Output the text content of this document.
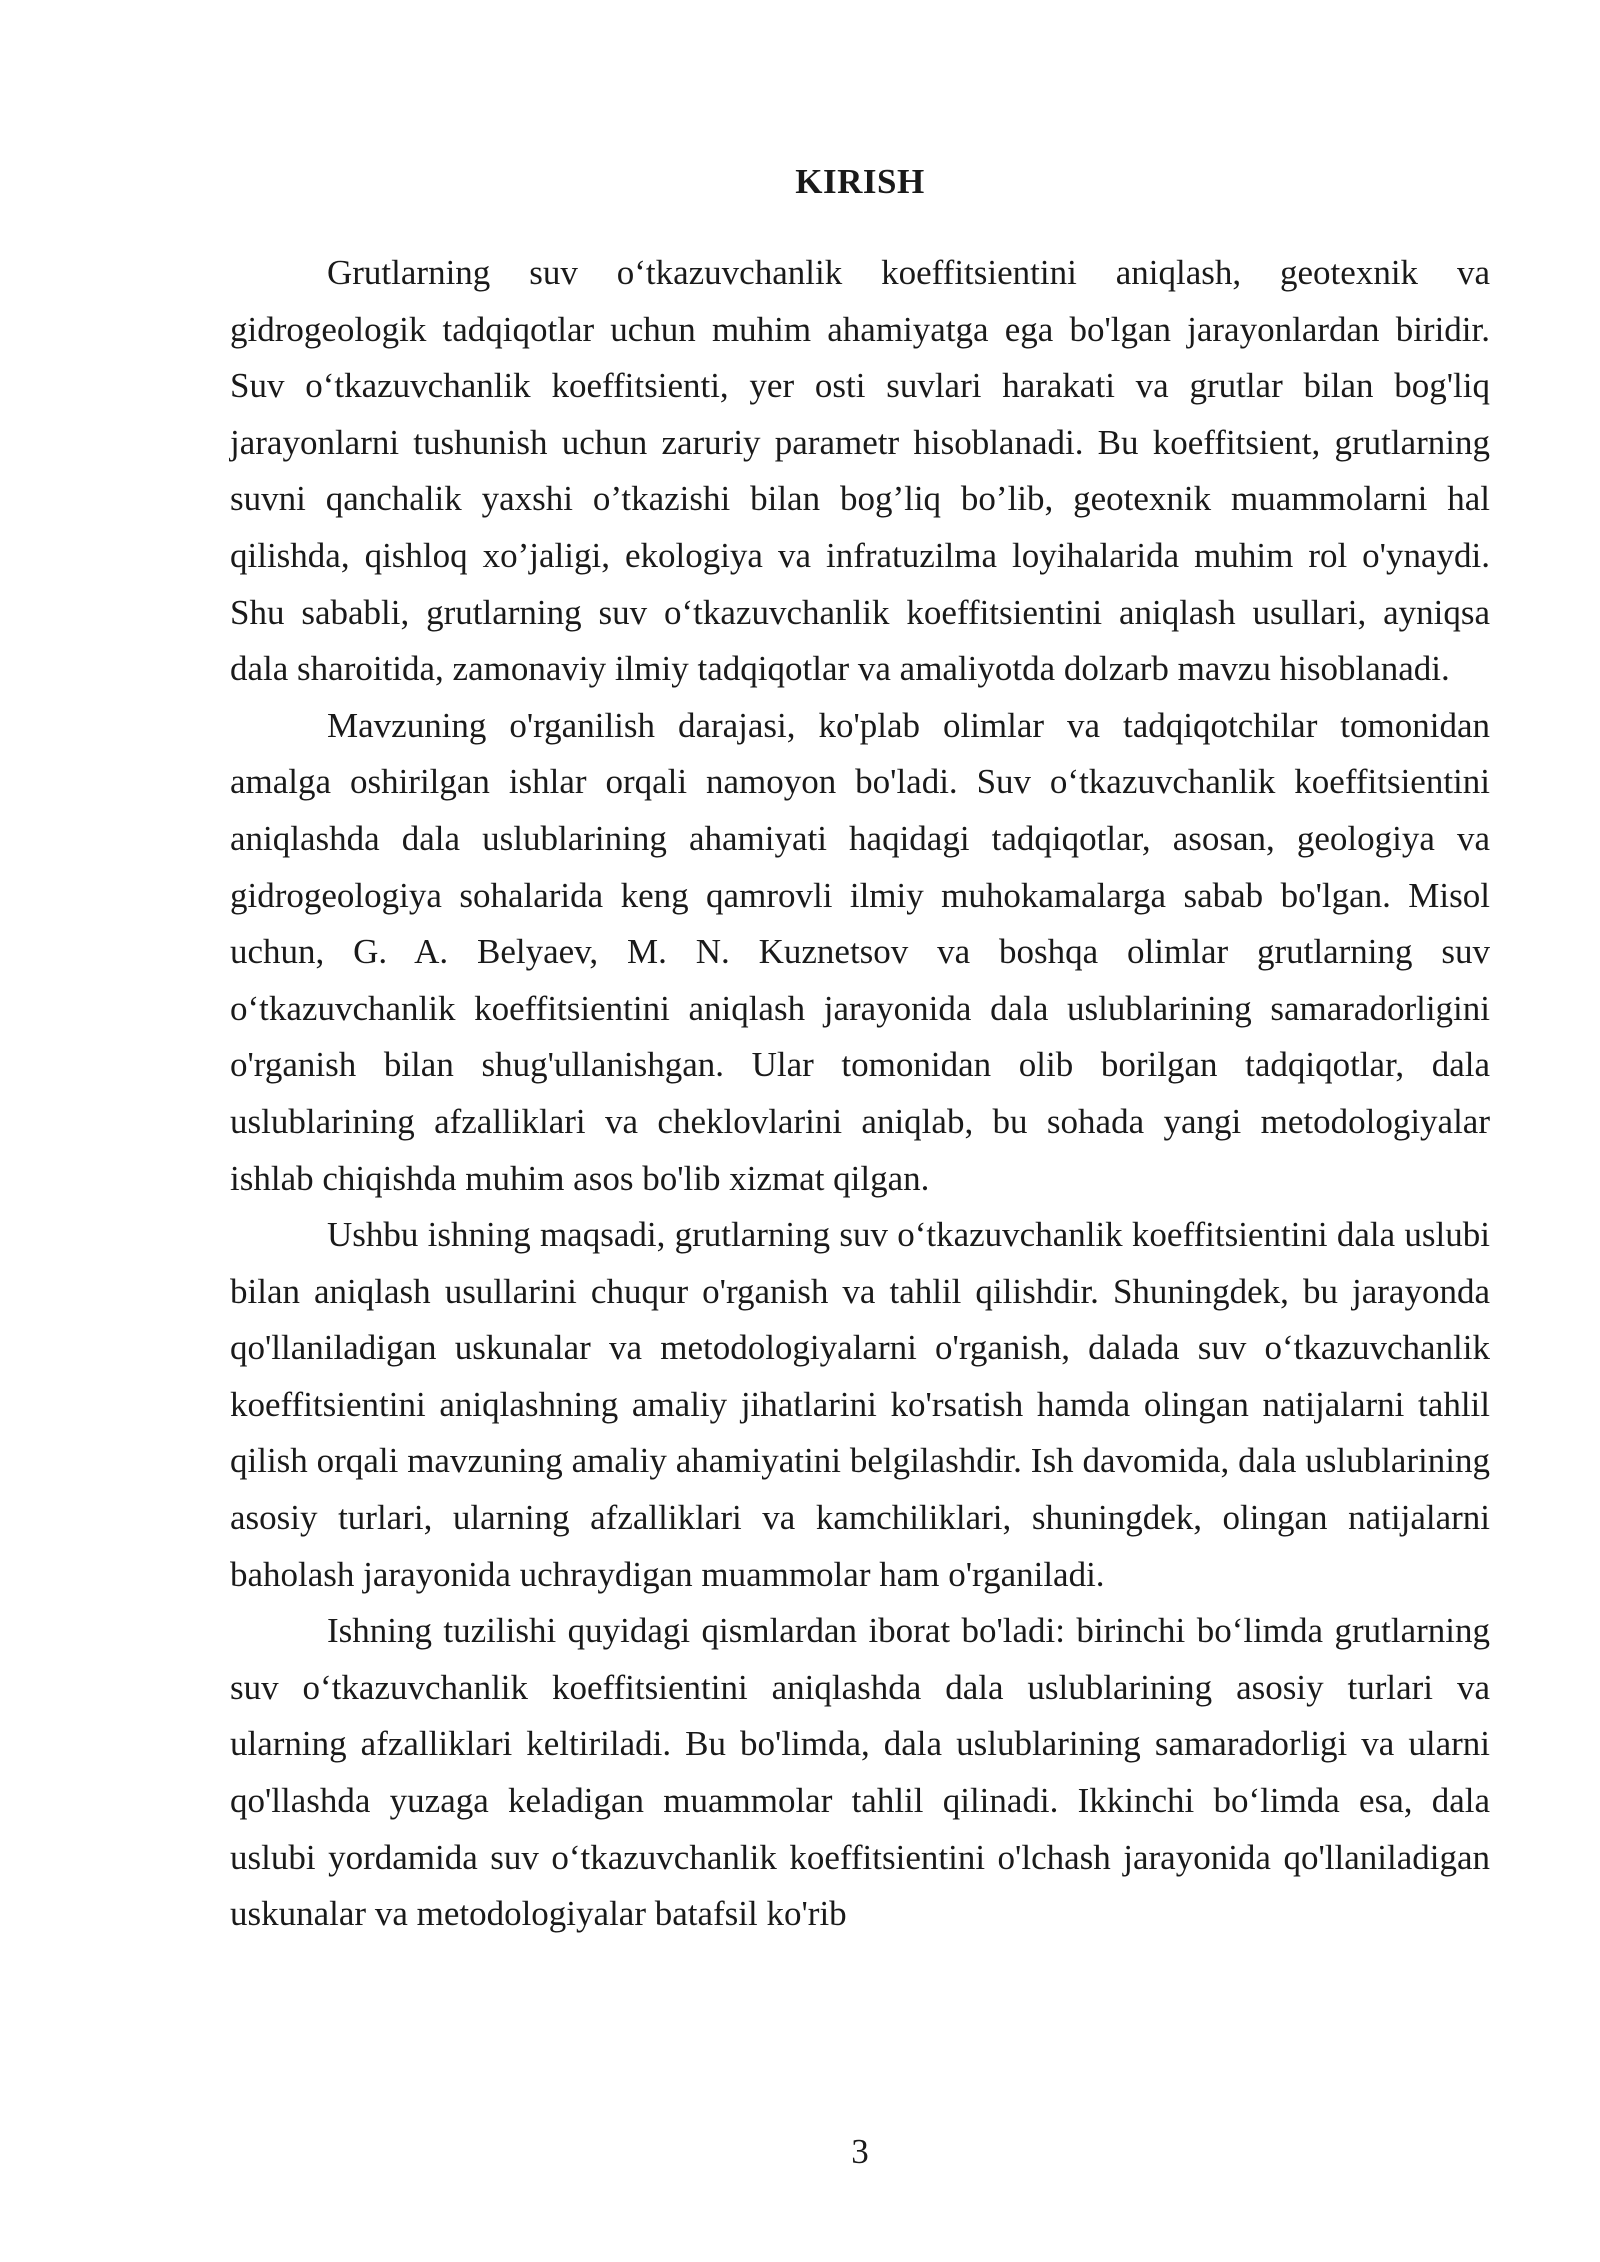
KIRISH

Grutlarning suv o‘tkazuvchanlik koeffitsientini aniqlash, geotexnik va gidrogeologik tadqiqotlar uchun muhim ahamiyatga ega bo'lgan jarayonlardan biridir. Suv o‘tkazuvchanlik koeffitsienti, yer osti suvlari harakati va grutlar bilan bog'liq jarayonlarni tushunish uchun zaruriy parametr hisoblanadi. Bu koeffitsient, grutlarning suvni qanchalik yaxshi o’tkazishi bilan bog’liq bo’lib, geotexnik muammolarni hal qilishda, qishloq xo’jaligi, ekologiya va infratuzilma loyihalarida muhim rol o'ynaydi. Shu sababli, grutlarning suv o‘tkazuvchanlik koeffitsientini aniqlash usullari, ayniqsa dala sharoitida, zamonaviy ilmiy tadqiqotlar va amaliyotda dolzarb mavzu hisoblanadi.

Mavzuning o'rganilish darajasi, ko'plab olimlar va tadqiqotchilar tomonidan amalga oshirilgan ishlar orqali namoyon bo'ladi. Suv o‘tkazuvchanlik koeffitsientini aniqlashda dala uslublarining ahamiyati haqidagi tadqiqotlar, asosan, geologiya va gidrogeologiya sohalarida keng qamrovli ilmiy muhokamalarga sabab bo'lgan. Misol uchun, G. A. Belyaev, M. N. Kuznetsov va boshqa olimlar grutlarning suv o‘tkazuvchanlik koeffitsientini aniqlash jarayonida dala uslublarining samaradorligini o'rganish bilan shug'ullanishgan. Ular tomonidan olib borilgan tadqiqotlar, dala uslublarining afzalliklari va cheklovlarini aniqlab, bu sohada yangi metodologiyalar ishlab chiqishda muhim asos bo'lib xizmat qilgan.

Ushbu ishning maqsadi, grutlarning suv o‘tkazuvchanlik koeffitsientini dala uslubi bilan aniqlash usullarini chuqur o'rganish va tahlil qilishdir. Shuningdek, bu jarayonda qo'llaniladigan uskunalar va metodologiyalarni o'rganish, dalada suv o‘tkazuvchanlik koeffitsientini aniqlashning amaliy jihatlarini ko'rsatish hamda olingan natijalarni tahlil qilish orqali mavzuning amaliy ahamiyatini belgilashdir. Ish davomida, dala uslublarining asosiy turlari, ularning afzalliklari va kamchiliklari, shuningdek, olingan natijalarni baholash jarayonida uchraydigan muammolar ham o'rganiladi.

Ishning tuzilishi quyidagi qismlardan iborat bo'ladi: birinchi bo‘limda grutlarning suv o‘tkazuvchanlik koeffitsientini aniqlashda dala uslublarining asosiy turlari va ularning afzalliklari keltiriladi. Bu bo'limda, dala uslublarining samaradorligi va ularni qo'llashda yuzaga keladigan muammolar tahlil qilinadi. Ikkinchi bo‘limda esa, dala uslubi yordamida suv o‘tkazuvchanlik koeffitsientini o'lchash jarayonida qo'llaniladigan uskunalar va metodologiyalar batafsil ko'rib

3
